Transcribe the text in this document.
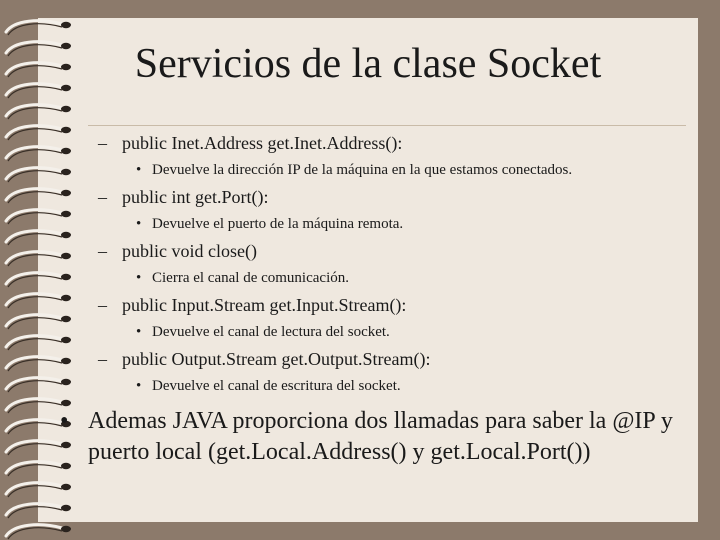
Servicios de la clase Socket
– public Inet.Address get.Inet.Address():
• Devuelve la dirección IP de la máquina en la que estamos conectados.
– public int get.Port():
• Devuelve el puerto de la máquina remota.
– public void close()
• Cierra el canal de comunicación.
– public Input.Stream get.Input.Stream():
• Devuelve el canal de lectura del socket.
– public Output.Stream get.Output.Stream():
• Devuelve el canal de escritura del socket.
• Ademas JAVA proporciona dos llamadas para saber la @IP y puerto local (get.Local.Address() y get.Local.Port())
